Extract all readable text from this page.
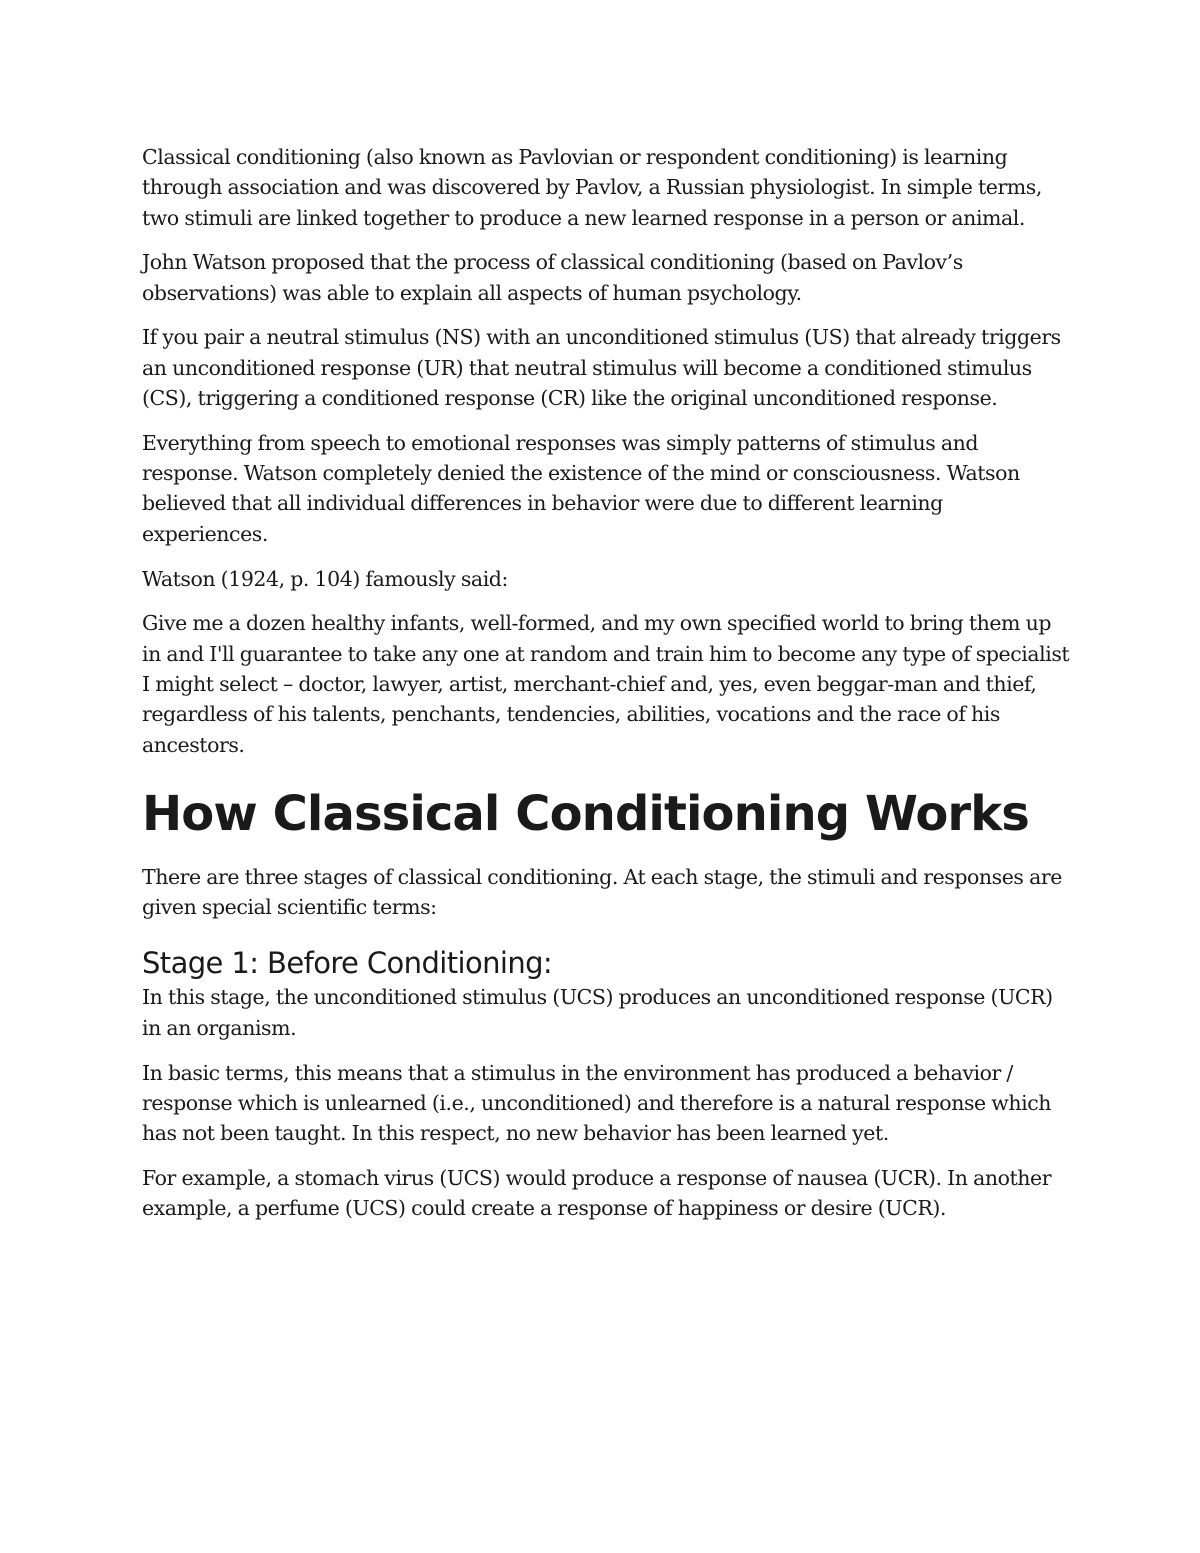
Classical conditioning (also known as Pavlovian or respondent conditioning) is learning through association and was discovered by Pavlov, a Russian physiologist. In simple terms, two stimuli are linked together to produce a new learned response in a person or animal.

John Watson proposed that the process of classical conditioning (based on Pavlov’s observations) was able to explain all aspects of human psychology.

If you pair a neutral stimulus (NS) with an unconditioned stimulus (US) that already triggers an unconditioned response (UR) that neutral stimulus will become a conditioned stimulus (CS), triggering a conditioned response (CR) like the original unconditioned response.

Everything from speech to emotional responses was simply patterns of stimulus and response. Watson completely denied the existence of the mind or consciousness. Watson believed that all individual differences in behavior were due to different learning experiences.

Watson (1924, p. 104) famously said:

Give me a dozen healthy infants, well-formed, and my own specified world to bring them up in and I'll guarantee to take any one at random and train him to become any type of specialist I might select – doctor, lawyer, artist, merchant-chief and, yes, even beggar-man and thief, regardless of his talents, penchants, tendencies, abilities, vocations and the race of his ancestors.

How Classical Conditioning Works

There are three stages of classical conditioning. At each stage, the stimuli and responses are given special scientific terms:

Stage 1: Before Conditioning:

In this stage, the unconditioned stimulus (UCS) produces an unconditioned response (UCR) in an organism.

In basic terms, this means that a stimulus in the environment has produced a behavior / response which is unlearned (i.e., unconditioned) and therefore is a natural response which has not been taught. In this respect, no new behavior has been learned yet.

For example, a stomach virus (UCS) would produce a response of nausea (UCR). In another example, a perfume (UCS) could create a response of happiness or desire (UCR).
